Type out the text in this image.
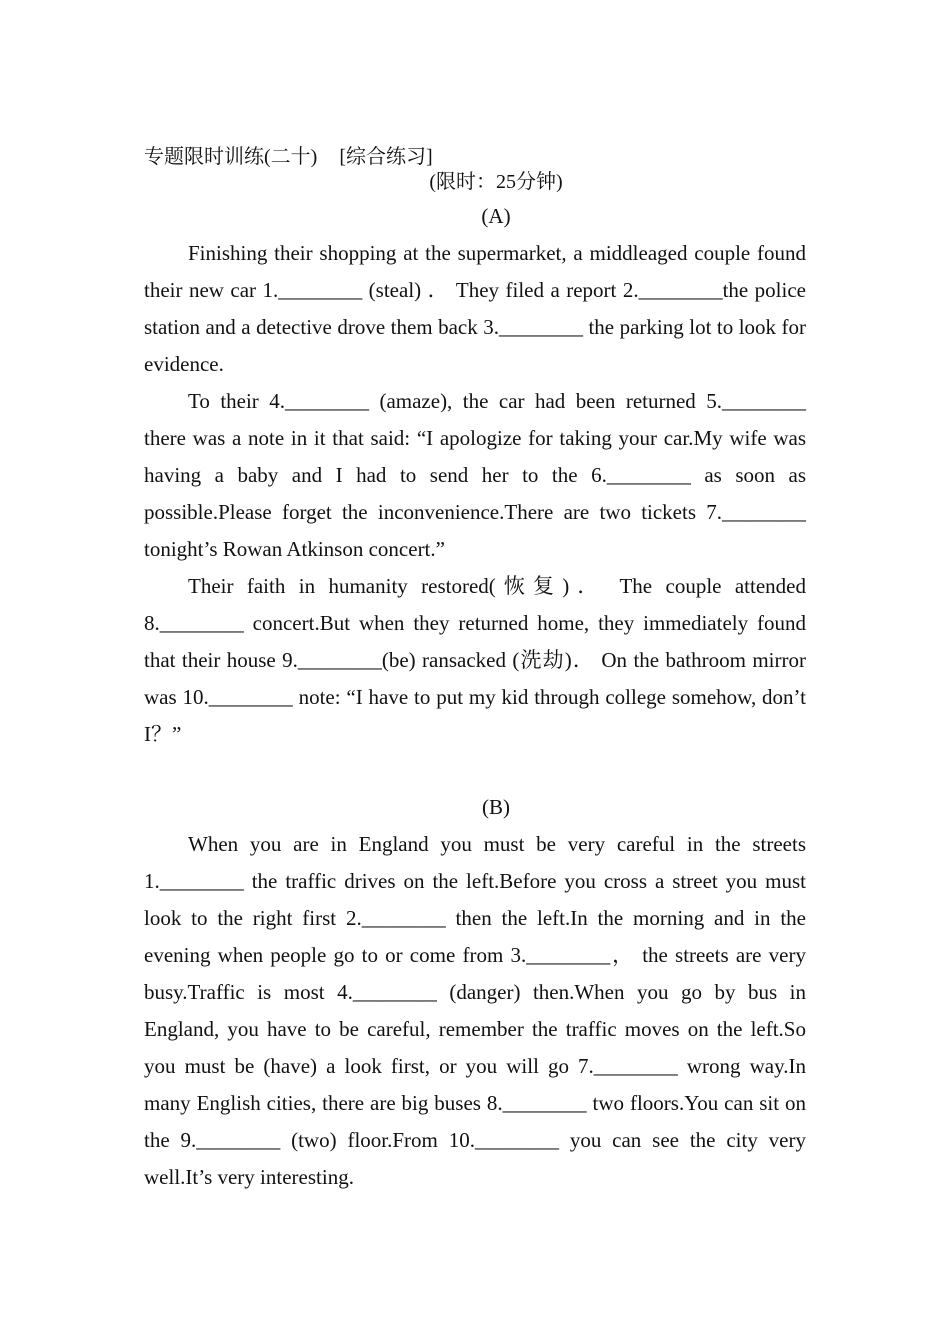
专题限时训练(二十) [综合练习]
(限时：25分钟)
(A)

Finishing their shopping at the supermarket, a middleaged couple found their new car 1.________ (steal) ． They filed a report 2.________the police station and a detective drove them back 3.________ the parking lot to look for evidence.

To their 4.________ (amaze), the car had been returned 5.________ there was a note in it that said: “I apologize for taking your car.My wife was having a baby and I had to send her to the 6.________ as soon as possible.Please forget the inconvenience.There are two tickets 7.________ tonight’s Rowan Atkinson concert.”

Their faith in humanity restored(恢复)． The couple attended 8.________ concert.But when they returned home, they immediately found that their house 9.________(be) ransacked (洗劫)． On the bathroom mirror was 10.________ note: “I have to put my kid through college somehow, don’t I？”

(B)

When you are in England you must be very careful in the streets 1.________ the traffic drives on the left.Before you cross a street you must look to the right first 2.________ then the left.In the morning and in the evening when people go to or come from 3.________， the streets are very busy.Traffic is most 4.________ (danger) then.When you go by bus in England, you have to be careful, remember the traffic moves on the left.So you must be (have) a look first, or you will go 7.________ wrong way.In many English cities, there are big buses 8.________ two floors.You can sit on the 9.________ (two) floor.From 10.________ you can see the city very well.It’s very interesting.
